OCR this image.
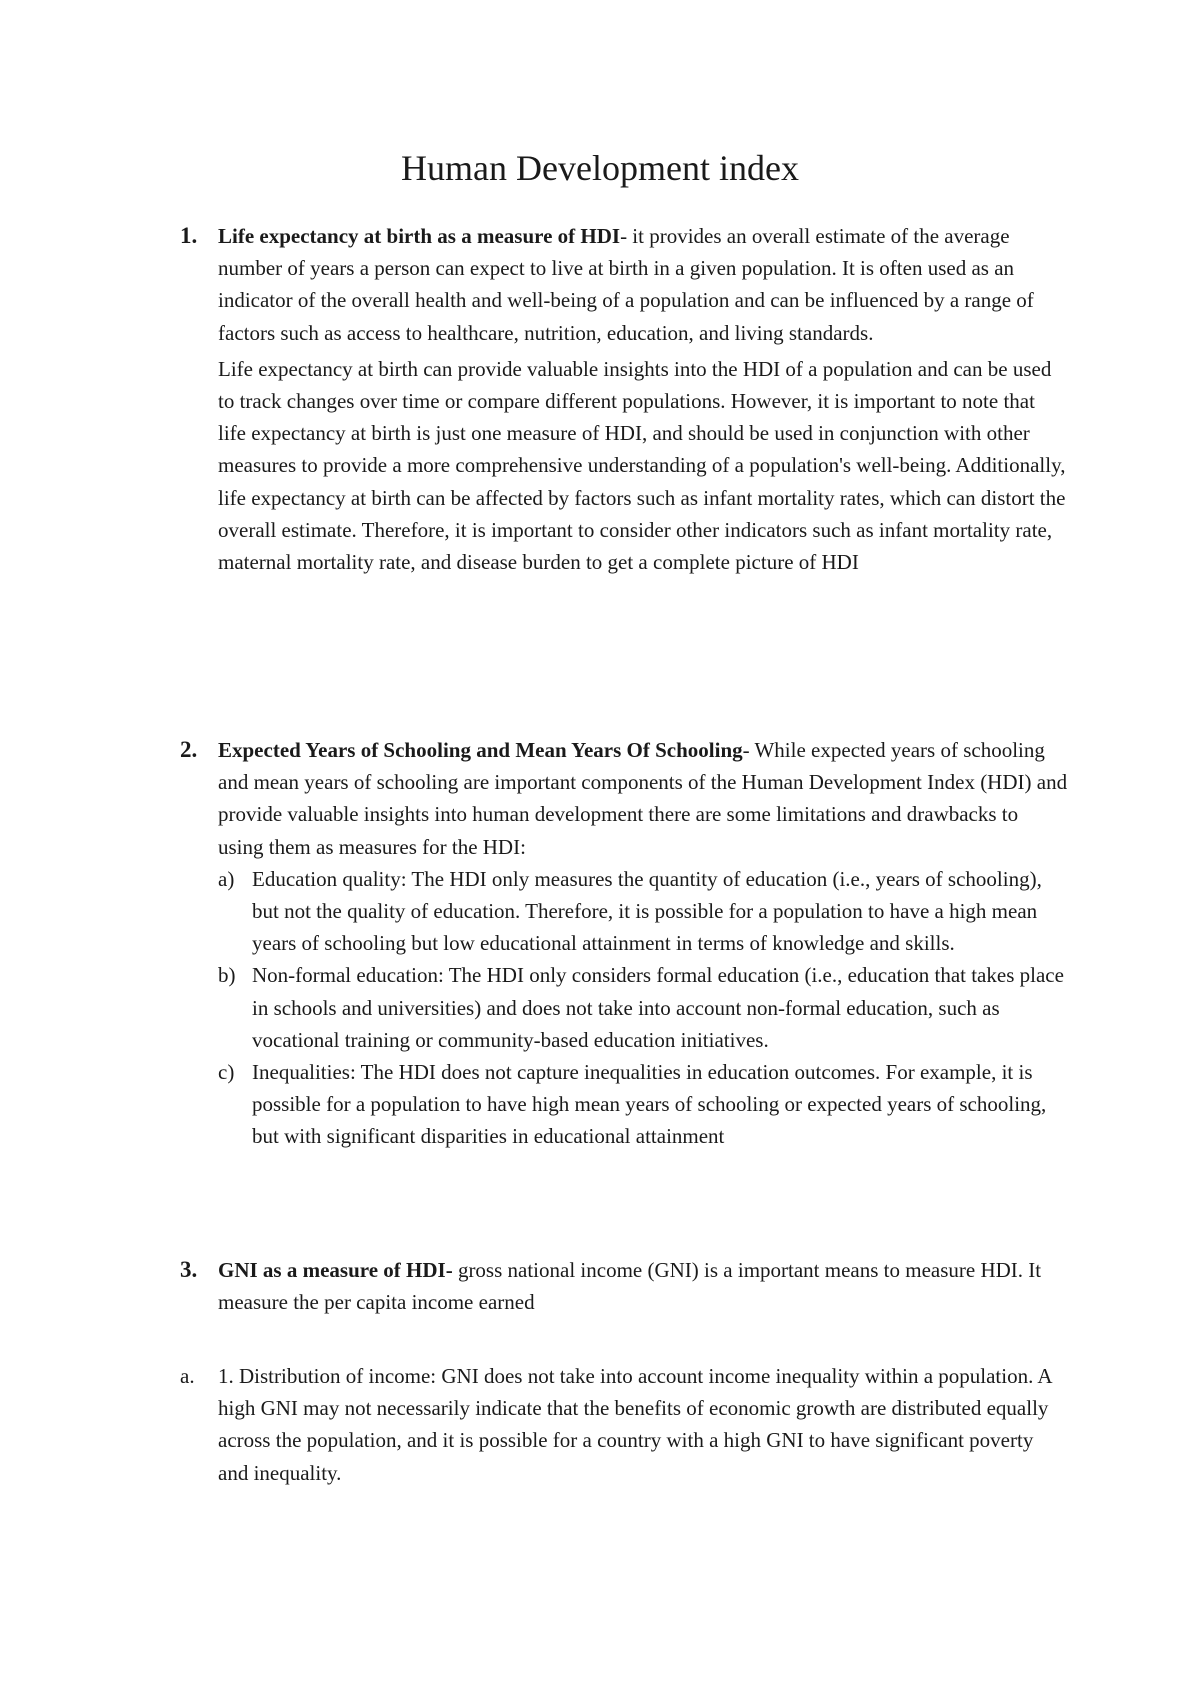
Human Development index
1. Life expectancy at birth as a measure of HDI- it provides an overall estimate of the average number of years a person can expect to live at birth in a given population. It is often used as an indicator of the overall health and well-being of a population and can be influenced by a range of factors such as access to healthcare, nutrition, education, and living standards.

Life expectancy at birth can provide valuable insights into the HDI of a population and can be used to track changes over time or compare different populations. However, it is important to note that life expectancy at birth is just one measure of HDI, and should be used in conjunction with other measures to provide a more comprehensive understanding of a population's well-being. Additionally, life expectancy at birth can be affected by factors such as infant mortality rates, which can distort the overall estimate. Therefore, it is important to consider other indicators such as infant mortality rate, maternal mortality rate, and disease burden to get a complete picture of HDI

2. Expected Years of Schooling and Mean Years Of Schooling- While expected years of schooling and mean years of schooling are important components of the Human Development Index (HDI) and provide valuable insights into human development there are some limitations and drawbacks to using them as measures for the HDI:

a) Education quality: The HDI only measures the quantity of education (i.e., years of schooling), but not the quality of education. Therefore, it is possible for a population to have a high mean years of schooling but low educational attainment in terms of knowledge and skills.
b) Non-formal education: The HDI only considers formal education (i.e., education that takes place in schools and universities) and does not take into account non-formal education, such as vocational training or community-based education initiatives.
c) Inequalities: The HDI does not capture inequalities in education outcomes. For example, it is possible for a population to have high mean years of schooling or expected years of schooling, but with significant disparities in educational attainment
3. GNI as a measure of HDI- gross national income (GNI) is a important means to measure HDI. It measure the per capita income earned

a.	1. Distribution of income: GNI does not take into account income inequality within a population. A high GNI may not necessarily indicate that the benefits of economic growth are distributed equally across the population, and it is possible for a country with a high GNI to have significant poverty and inequality.
